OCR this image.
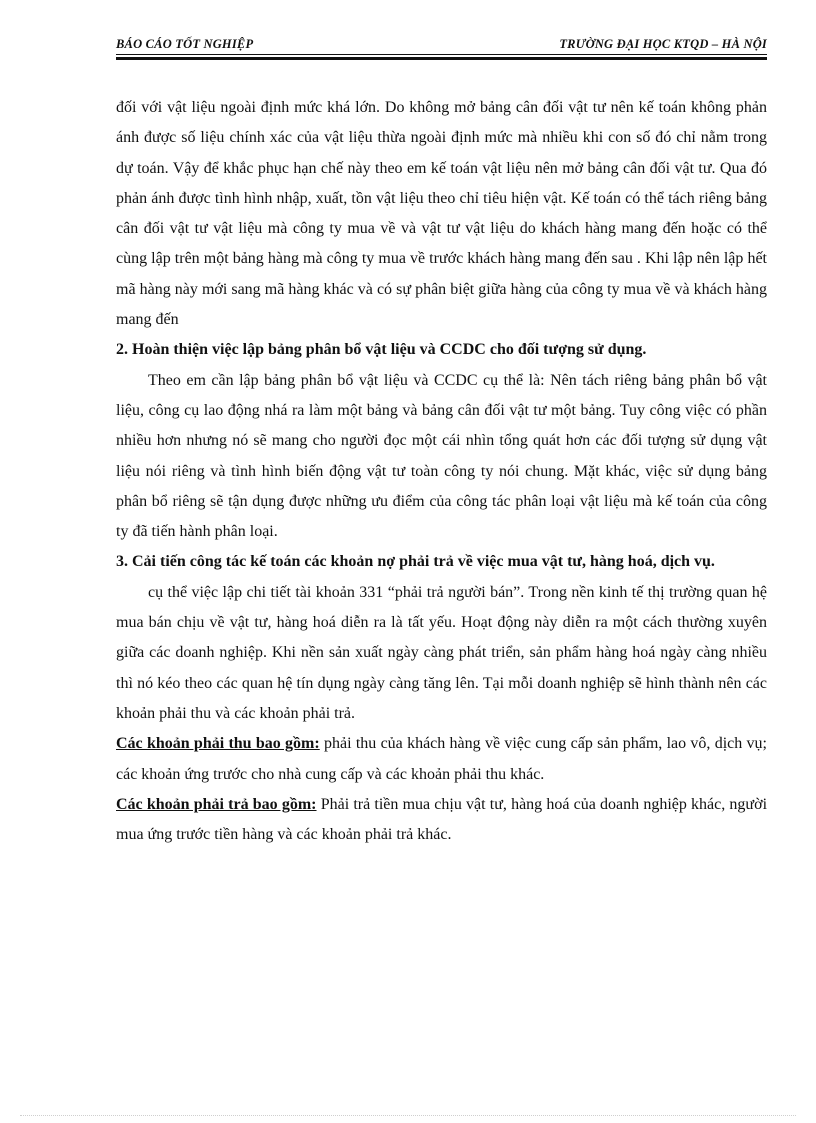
BÁO CÁO TỐT NGHIỆP	TRƯỜNG ĐẠI HỌC KTQD – HÀ NỘI

đối với vật liệu ngoài định mức khá lớn. Do không mở bảng cân đối vật tư nên kế toán không phản ánh được số liệu chính xác của vật liệu thừa ngoài định mức mà nhiều khi con số đó chỉ nằm trong dự toán. Vậy để khắc phục hạn chế này theo em kế toán vật liệu nên mở bảng cân đối vật tư. Qua đó phản ánh được tình hình nhập, xuất, tồn vật liệu theo chỉ tiêu hiện vật. Kế toán có thể tách riêng bảng cân đối vật tư vật liệu mà công ty mua về và vật tư vật liệu do khách hàng mang đến hoặc có thể cùng lập trên một bảng hàng mà công ty mua về trước khách hàng mang đến sau . Khi lập nên lập hết mã hàng này mới sang mã hàng khác và có sự phân biệt giữa hàng của công ty mua về và khách hàng mang đến

2. Hoàn thiện việc lập bảng phân bổ vật liệu và CCDC cho đối tượng sử dụng.

Theo em cần lập bảng phân bổ vật liệu và CCDC cụ thể là: Nên tách riêng bảng phân bổ vật liệu, công cụ lao động nhá ra làm một bảng và bảng cân đối vật tư một bảng. Tuy công việc có phần nhiều hơn nhưng nó sẽ mang cho người đọc một cái nhìn tổng quát hơn các đối tượng sử dụng vật liệu nói riêng và tình hình biến động vật tư toàn công ty nói chung. Mặt khác, việc sử dụng bảng phân bổ riêng sẽ tận dụng được những ưu điểm của công tác phân loại vật liệu mà kế toán của công ty đã tiến hành phân loại.

3. Cải tiến công tác kế toán các khoản nợ phải trả về việc mua vật tư, hàng hoá, dịch vụ.

cụ thể việc lập chi tiết tài khoản 331 “phải trả người bán”. Trong nền kinh tế thị trường quan hệ mua bán chịu về vật tư, hàng hoá diễn ra là tất yếu. Hoạt động này diễn ra một cách thường xuyên giữa các doanh nghiệp. Khi nền sản xuất ngày càng phát triển, sản phẩm hàng hoá ngày càng nhiều thì nó kéo theo các quan hệ tín dụng ngày càng tăng lên. Tại mỗi doanh nghiệp sẽ hình thành nên các khoản phải thu và các khoản phải trả.

Các khoản phải thu bao gồm: phải thu của khách hàng về việc cung cấp sản phẩm, lao vô, dịch vụ; các khoản ứng trước cho nhà cung cấp và các khoản phải thu khác.

Các khoản phải trả bao gồm: Phải trả tiền mua chịu vật tư, hàng hoá của doanh nghiệp khác, người mua ứng trước tiền hàng và các khoản phải trả khác.
